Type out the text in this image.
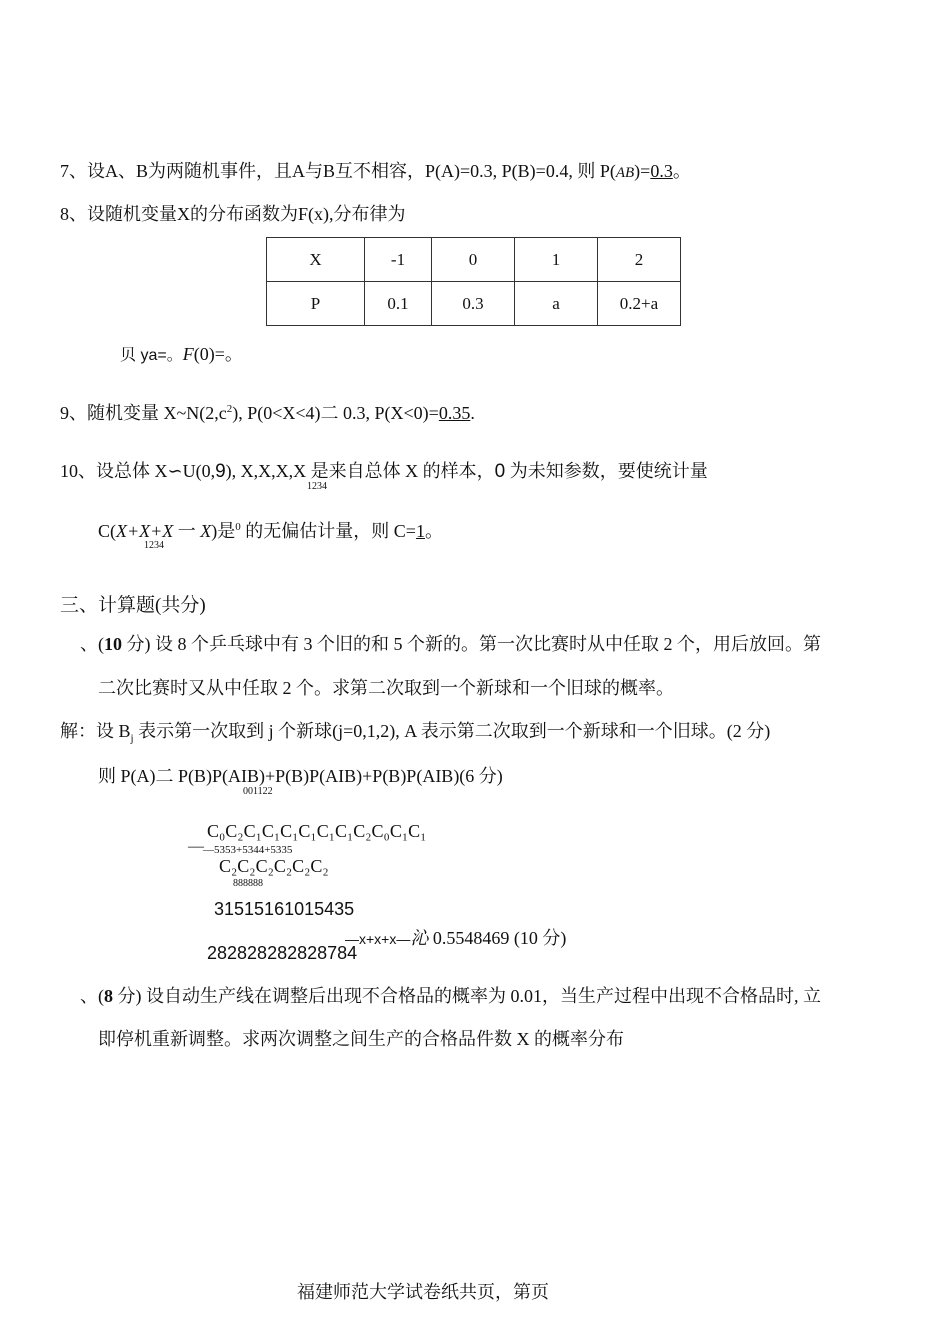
7、设A、B为两随机事件，且A与B互不相容，P(A)=0.3, P(B)=0.4, 则 P(AB)=0.3。
8、设随机变量X的分布函数为F(x),分布律为
X	-1	0	1	2
P	0.1	0.3	a	0.2+a
贝 ya=。F(0)=。
9、随机变量 $X\sim N(2,c^2)$, P(0<X<4)二 0.3, P(X<0)=0.35.
10、设总体 X∽U(0,9), X,X,X,X 是来自总体 X 的样本，0 为未知参数，要使统计量
1234
C(X+X+X 一 X)是$^0$ 的无偏估计量，则 C=1。
1234
三、计算题(共分)
、(10 分) 设 8 个乒乓球中有 3 个旧的和 5 个新的。第一次比赛时从中任取 2 个，用后放回。第
二次比赛时又从中任取 2 个。求第二次取到一个新球和一个旧球的概率。
解：设 $B_j$ 表示第一次取到 j 个新球(j=0,1,2), A 表示第二次取到一个新球和一个旧球。(2 分)
则 P(A)二 P(B)P(AIB)+P(B)P(AIB)+P(B)P(AIB)(6 分)
001122
C₀C₂C₁C₁C₁C₁C₁C₁C₂C₀C₁C₁
— —5353+5344+5335
C₂C₂C₂C₂C₂C₂
888888
31515161015435
—x+x+x—沁 0.5548469 (10 分)
282828282828784
、(8 分) 设自动生产线在调整后出现不合格品的概率为 0.01，当生产过程中出现不合格品时, 立
即停机重新调整。求两次调整之间生产的合格品件数 X 的概率分布
福建师范大学试卷纸共页，第页
